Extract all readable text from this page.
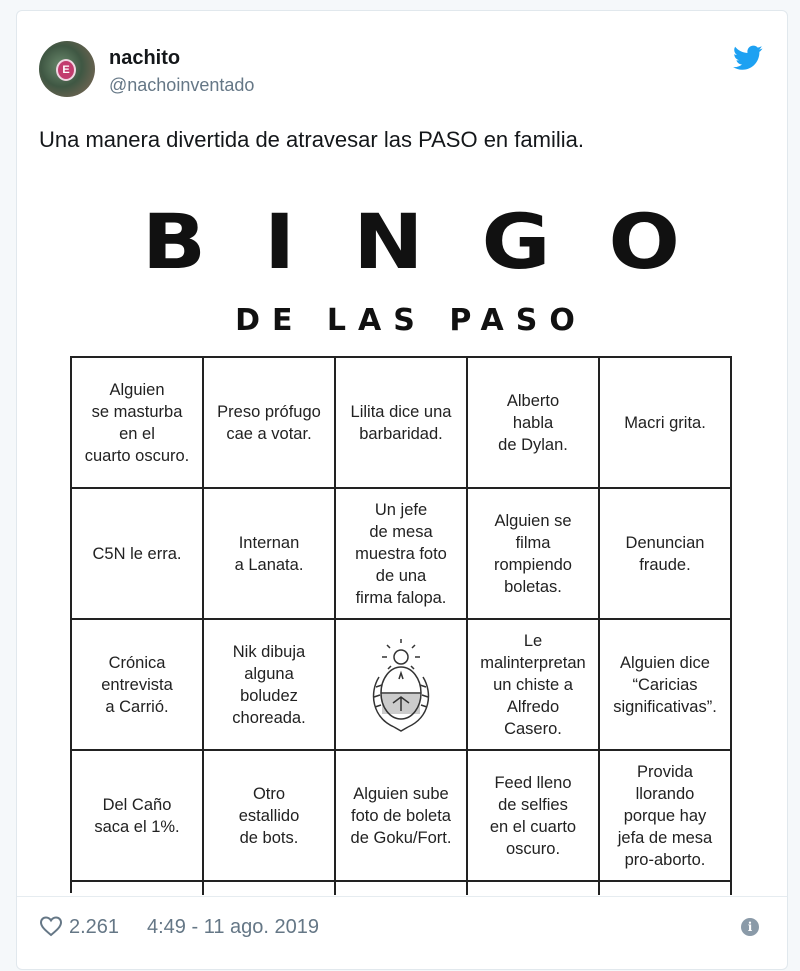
E
nachito
@nachoinventado
Una manera divertida de atravesar las PASO en familia.
BINGO
DE LAS PASO
Alguien
se masturba
en el
cuarto oscuro.
Preso prófugo
cae a votar.
Lilita dice una
barbaridad.
Alberto
habla
de Dylan.
Macri grita.
C5N le erra.
Internan
a Lanata.
Un jefe
de mesa
muestra foto
de una
firma falopa.
Alguien se
filma
rompiendo
boletas.
Denuncian
fraude.
Crónica
entrevista
a Carrió.
Nik dibuja
alguna
boludez
choreada.
Le
malinterpretan
un chiste a
Alfredo
Casero.
Alguien dice
“Caricias
significativas”.
Del Caño
saca el 1%.
Otro
estallido
de bots.
Alguien sube
foto de boleta
de Goku/Fort.
Feed lleno
de selfies
en el cuarto
oscuro.
Provida
llorando
porque hay
jefa de mesa
pro-aborto.
2.261 4:49 - 11 ago. 2019	i
